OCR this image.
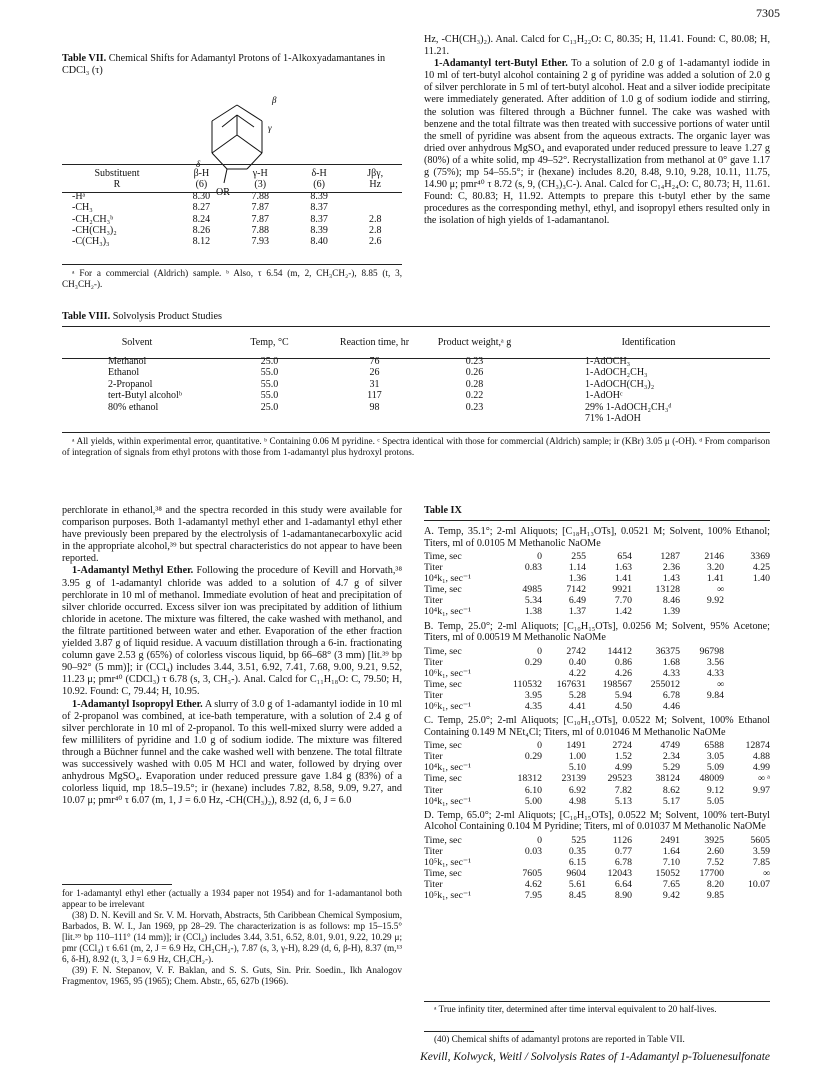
7305
Table VII. Chemical Shifts for Adamantyl Protons of 1-Alkoxyadamantanes in CDCl₃ (τ)
β
γ
δ
OR
Substituent	β-H	γ-H	δ-H	Jβγ,
R	(6)	(3)	(6)	Hz
-Hᵃ	8.30	7.88	8.39	
-CH₃	8.27	7.87	8.37	
-CH₂CH₃ᵇ	8.24	7.87	8.37	2.8
-CH(CH₃)₂	8.26	7.88	8.39	2.8
-C(CH₃)₃	8.12	7.93	8.40	2.6
ᵃ For a commercial (Aldrich) sample. ᵇ Also, τ 6.54 (m, 2, CH₃CH₂-), 8.85 (t, 3, CH₃CH₂-).

Hz, -CH(CH₃)₂). Anal. Calcd for C₁₃H₂₂O: C, 80.35; H, 11.41. Found: C, 80.08; H, 11.21.

1-Adamantyl tert-Butyl Ether. To a solution of 2.0 g of 1-adamantyl iodide in 10 ml of tert-butyl alcohol containing 2 g of pyridine was added a solution of 2.0 g of silver perchlorate in 5 ml of tert-butyl alcohol. Heat and a silver iodide precipitate were immediately generated. After addition of 1.0 g of sodium iodide and stirring, the solution was filtered through a Büchner funnel. The cake was washed with benzene and the total filtrate was then treated with successive portions of water until the smell of pyridine was absent from the aqueous extracts. The organic layer was dried over anhydrous MgSO₄ and evaporated under reduced pressure to leave 1.27 g (80%) of a white solid, mp 49–52°. Recrystallization from methanol at 0° gave 1.17 g (75%); mp 54–55.5°; ir (hexane) includes 8.20, 8.48, 9.10, 9.28, 10.11, 11.75, 14.90 μ; pmr⁴⁰ τ 8.72 (s, 9, (CH₃)₃C-). Anal. Calcd for C₁₄H₂₄O: C, 80.73; H, 11.61. Found: C, 80.83; H, 11.92. Attempts to prepare this t-butyl ether by the same procedures as the corresponding methyl, ethyl, and isopropyl ethers resulted only in the isolation of high yields of 1-adamantanol.

Table VIII. Solvolysis Product Studies
Solvent	Temp, °C	Reaction time, hr	Product weight,ᵃ g	Identification
Methanol	25.0	76	0.23	1-AdOCH₃
Ethanol	55.0	26	0.26	1-AdOCH₂CH₃
2-Propanol	55.0	31	0.28	1-AdOCH(CH₃)₂
tert-Butyl alcoholᵇ	55.0	117	0.22	1-AdOHᶜ
80% ethanol	25.0	98	0.23	29% 1-AdOCH₂CH₃ᵈ
				71% 1-AdOH
ᵃ All yields, within experimental error, quantitative. ᵇ Containing 0.06 M pyridine. ᶜ Spectra identical with those for commercial (Aldrich) sample; ir (KBr) 3.05 μ (-OH). ᵈ From comparison of integration of signals from ethyl protons with those from 1-adamantyl plus hydroxyl protons.

perchlorate in ethanol,³⁸ and the spectra recorded in this study were available for comparison purposes. Both 1-adamantyl methyl ether and 1-adamantyl ethyl ether have previously been prepared by the electrolysis of 1-adamantanecarboxylic acid in the appropriate alcohol,³⁹ but spectral characteristics do not appear to have been reported.

1-Adamantyl Methyl Ether. Following the procedure of Kevill and Horvath,³⁸ 3.95 g of 1-adamantyl chloride was added to a solution of 4.7 g of silver perchlorate in 10 ml of methanol. Immediate evolution of heat and precipitation of silver chloride occurred. Excess silver ion was precipitated by addition of lithium chloride in acetone. The mixture was filtered, the cake washed with methanol, and the filtrate partitioned between water and ether. Evaporation of the ether fraction yielded 3.87 g of liquid residue. A vacuum distillation through a 6-in. fractionating column gave 2.53 g (65%) of colorless viscous liquid, bp 66–68° (3 mm) [lit.³⁹ bp 90–92° (5 mm)]; ir (CCl₄) includes 3.44, 3.51, 6.92, 7.41, 7.68, 9.00, 9.21, 9.52, 11.23 μ; pmr⁴⁰ (CDCl₃) τ 6.78 (s, 3, CH₃-). Anal. Calcd for C₁₁H₁₈O: C, 79.50; H, 10.92. Found: C, 79.44; H, 10.95.

1-Adamantyl Isopropyl Ether. A slurry of 3.0 g of 1-adamantyl iodide in 10 ml of 2-propanol was combined, at ice-bath temperature, with a solution of 2.4 g of silver perchlorate in 10 ml of 2-propanol. To this well-mixed slurry were added a few milliliters of pyridine and 1.0 g of sodium iodide. The mixture was filtered through a Büchner funnel and the cake washed well with benzene. The total filtrate was successively washed with 0.05 M HCl and water, followed by drying over anhydrous MgSO₄. Evaporation under reduced pressure gave 1.84 g (83%) of a colorless liquid, mp 18.5–19.5°; ir (hexane) includes 7.82, 8.58, 9.09, 9.27, and 10.07 μ; pmr⁴⁰ τ 6.07 (m, 1, J = 6.0 Hz, -CH(CH₃)₂), 8.92 (d, 6, J = 6.0

for 1-adamantyl ethyl ether (actually a 1934 paper not 1954) and for 1-adamantanol both appear to be irrelevant

(38) D. N. Kevill and Sr. V. M. Horvath, Abstracts, 5th Caribbean Chemical Symposium, Barbados, B. W. I., Jan 1969, pp 28–29. The characterization is as follows: mp 15–15.5° [lit.³⁹ bp 110–111° (14 mm)]; ir (CCl₄) includes 3.44, 3.51, 6.52, 8.01, 9.01, 9.22, 10.29 μ; pmr (CCl₄) τ 6.61 (m, 2, J = 6.9 Hz, CH₃CH₂-), 7.87 (s, 3, γ-H), 8.29 (d, 6, β-H), 8.37 (m,¹³ 6, δ-H), 8.92 (t, 3, J = 6.9 Hz, CH₃CH₂-).

(39) F. N. Stepanov, V. F. Baklan, and S. S. Guts, Sin. Prir. Soedin., Ikh Analogov Fragmentov, 1965, 95 (1965); Chem. Abstr., 65, 627b (1966).

Table IX
A. Temp, 35.1°; 2-ml Aliquots; [C₁₈H₁₃OTs], 0.0521 M; Solvent, 100% Ethanol; Titers, ml of 0.0105 M Methanolic NaOMe
Time, sec	0	255	654	1287	2146	3369
Titer	0.83	1.14	1.63	2.36	3.20	4.25
10⁴k₁, sec⁻¹		1.36	1.41	1.43	1.41	1.40
Time, sec	4985	7142	9921	13128	∞	
Titer	5.34	6.49	7.70	8.46	9.92	
10⁴k₁, sec⁻¹	1.38	1.37	1.42	1.39		
B. Temp, 25.0°; 2-ml Aliquots; [C₁₀H₁₅OTs], 0.0256 M; Solvent, 95% Acetone; Titers, ml of 0.00519 M Methanolic NaOMe
Time, sec	0	2742	14412	36375	96798	
Titer	0.29	0.40	0.86	1.68	3.56	
10⁶k₁, sec⁻¹		4.22	4.26	4.33	4.33	
Time, sec	110532	167631	198567	255012	∞	
Titer	3.95	5.28	5.94	6.78	9.84	
10⁶k₁, sec⁻¹	4.35	4.41	4.50	4.46		
C. Temp, 25.0°; 2-ml Aliquots; [C₁₀H₁₅OTs], 0.0522 M; Solvent, 100% Ethanol Containing 0.149 M NEt₄Cl; Titers, ml of 0.01046 M Methanolic NaOMe
Time, sec	0	1491	2724	4749	6588	12874
Titer	0.29	1.00	1.52	2.34	3.05	4.88
10⁴k₁, sec⁻¹		5.10	4.99	5.29	5.09	4.99
Time, sec	18312	23139	29523	38124	48009	∞ ᵃ
Titer	6.10	6.92	7.82	8.62	9.12	9.97
10⁴k₁, sec⁻¹	5.00	4.98	5.13	5.17	5.05	
D. Temp, 65.0°; 2-ml Aliquots; [C₁₀H₁₅OTs], 0.0522 M; Solvent, 100% tert-Butyl Alcohol Containing 0.104 M Pyridine; Titers, ml of 0.01037 M Methanolic NaOMe
Time, sec	0	525	1126	2491	3925	5605
Titer	0.03	0.35	0.77	1.64	2.60	3.59
10⁵k₁, sec⁻¹		6.15	6.78	7.10	7.52	7.85
Time, sec	7605	9604	12043	15052	17700	∞
Titer	4.62	5.61	6.64	7.65	8.20	10.07
10⁵k₁, sec⁻¹	7.95	8.45	8.90	9.42	9.85	
ᵃ True infinity titer, determined after time interval equivalent to 20 half-lives.
(40) Chemical shifts of adamantyl protons are reported in Table VII.
Kevill, Kolwyck, Weitl / Solvolysis Rates of 1-Adamantyl p-Toluenesulfonate
